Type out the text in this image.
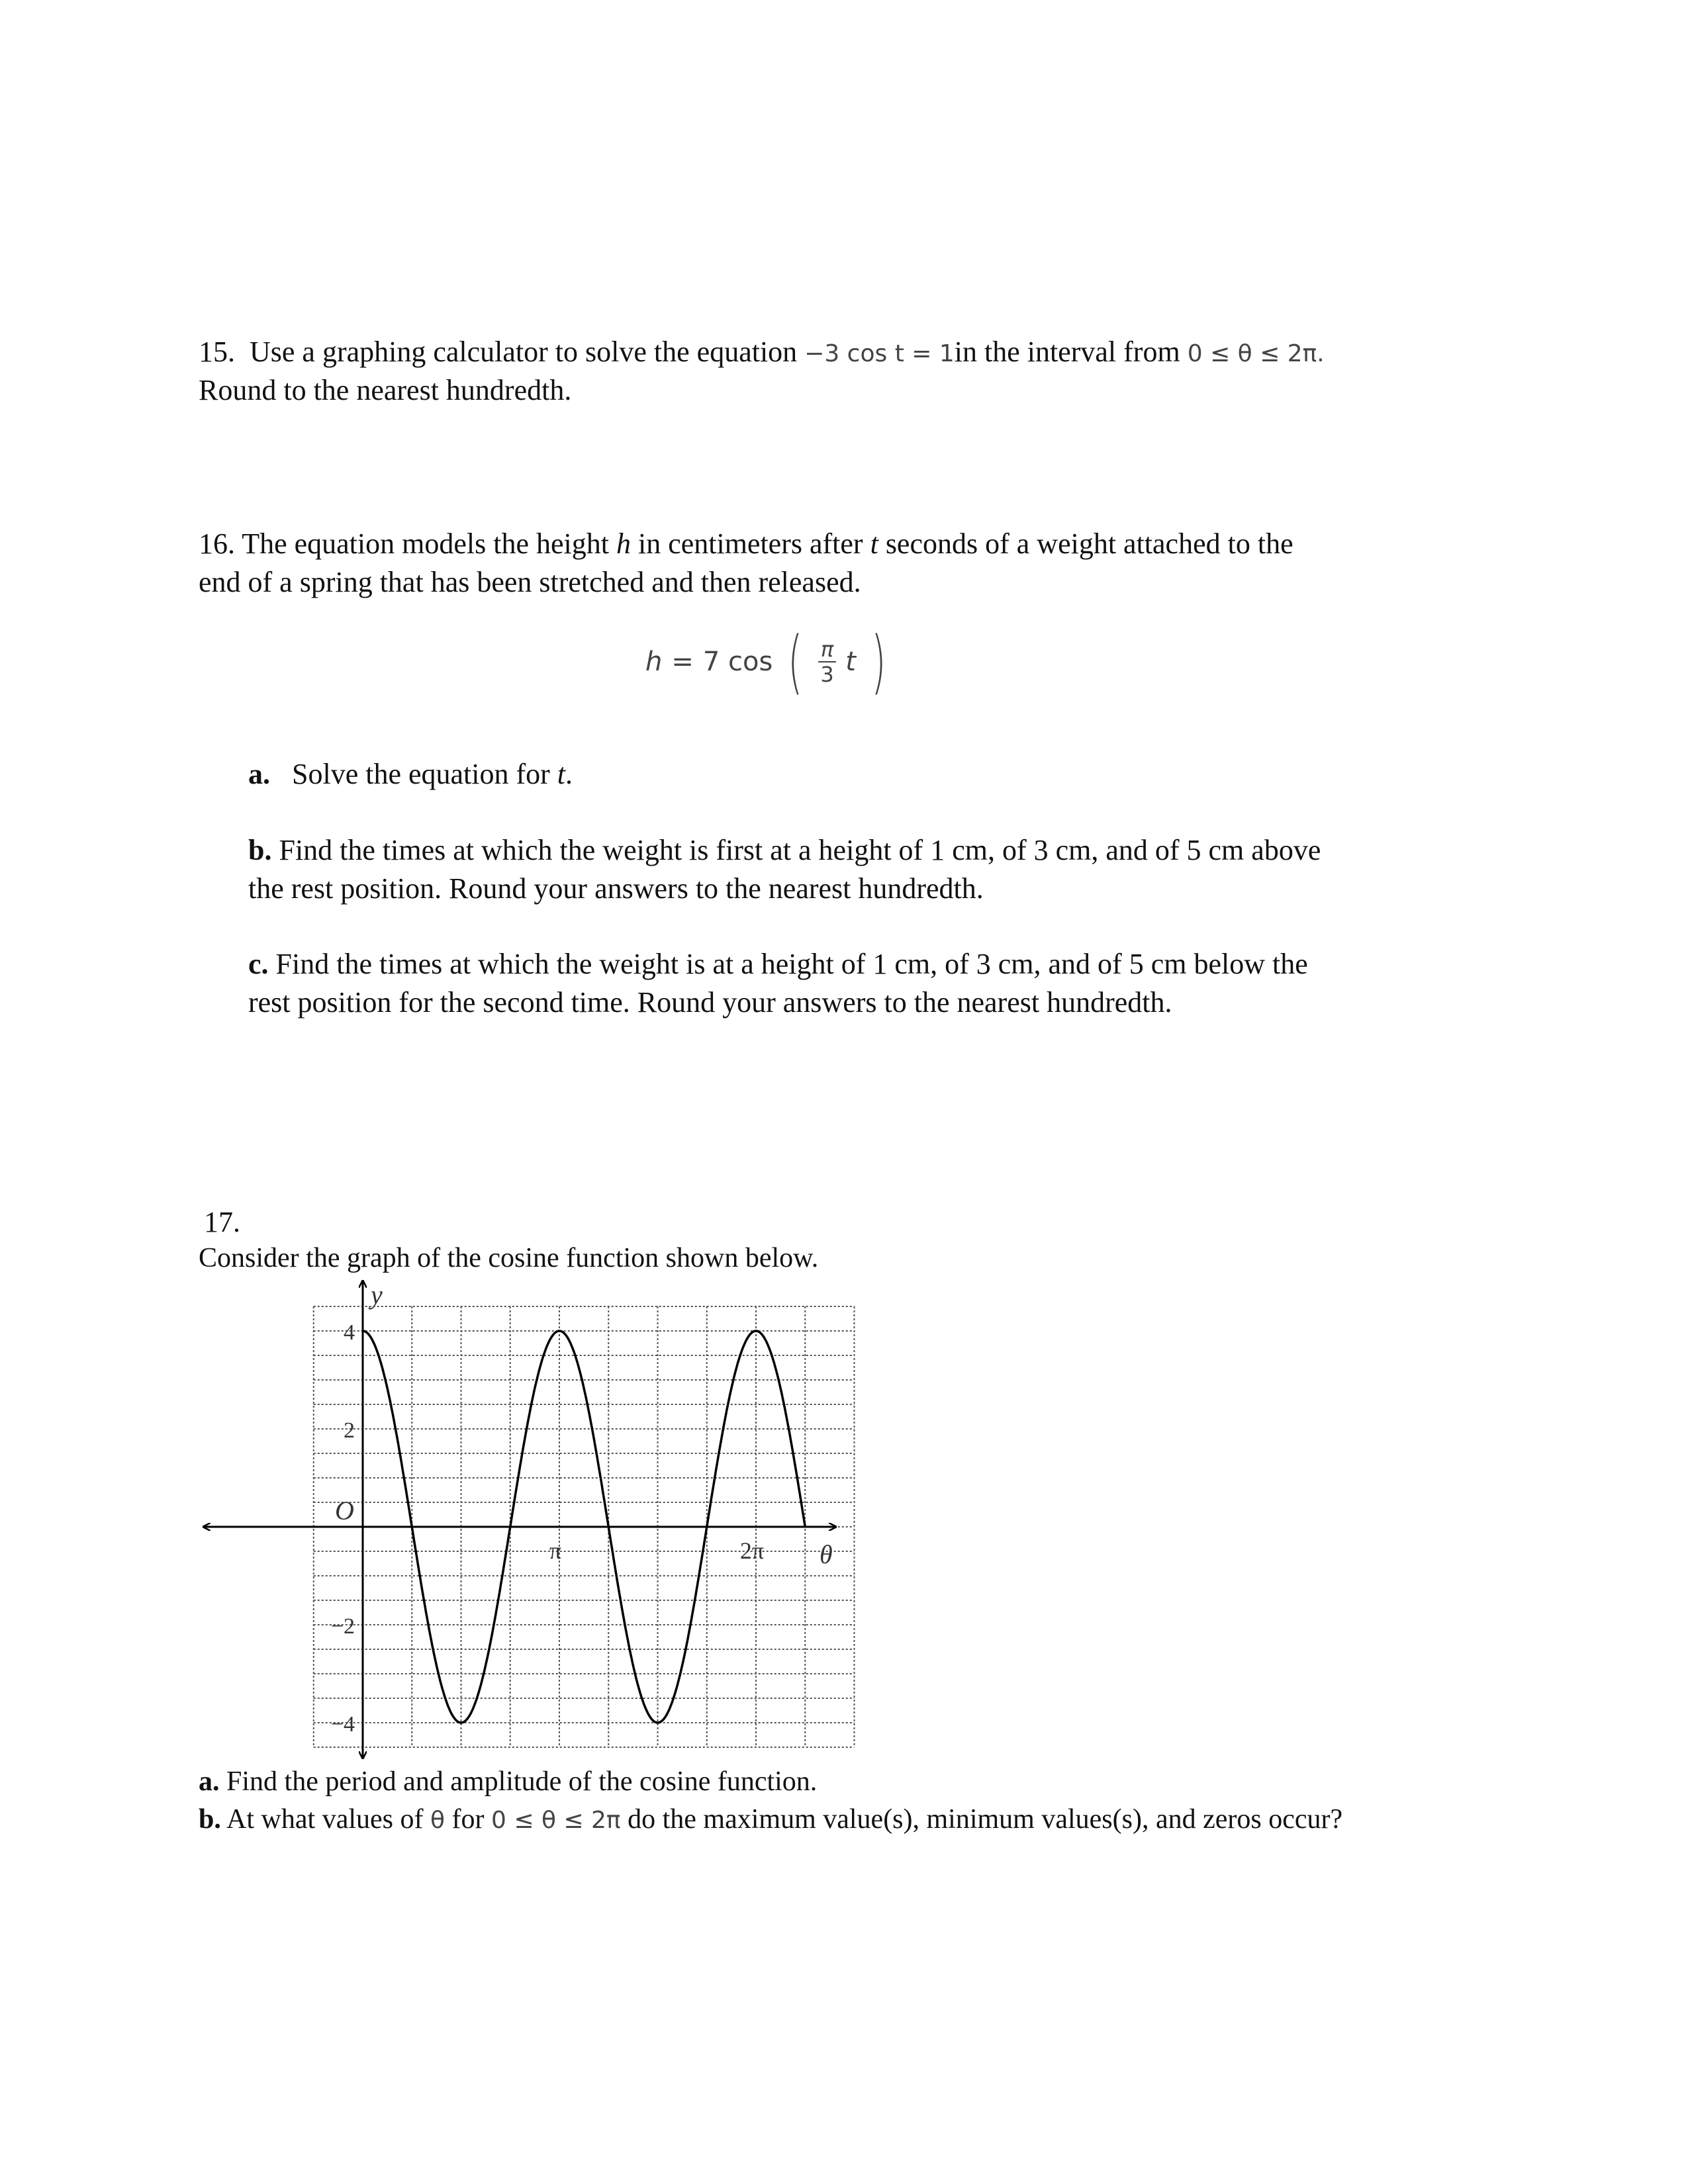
15. Use a graphing calculator to solve the equation −3 cos t = 1in the interval from 0 ≤ θ ≤ 2π.
Round to the nearest hundredth.
16. The equation models the height h in centimeters after t seconds of a weight attached to the
end of a spring that has been stretched and then released.
h = 7 cos ( $\frac{\pi}{3}$ t )
a. Solve the equation for t.
b. Find the times at which the weight is first at a height of 1 cm, of 3 cm, and of 5 cm above
the rest position. Round your answers to the nearest hundredth.
c. Find the times at which the weight is at a height of 1 cm, of 3 cm, and of 5 cm below the
rest position for the second time. Round your answers to the nearest hundredth.
17.
Consider the graph of the cosine function shown below.
y
θ
O
4
2
−2
−4
π	2π
a. Find the period and amplitude of the cosine function.
b. At what values of θ for 0 ≤ θ ≤ 2π do the maximum value(s), minimum values(s), and zeros occur?
